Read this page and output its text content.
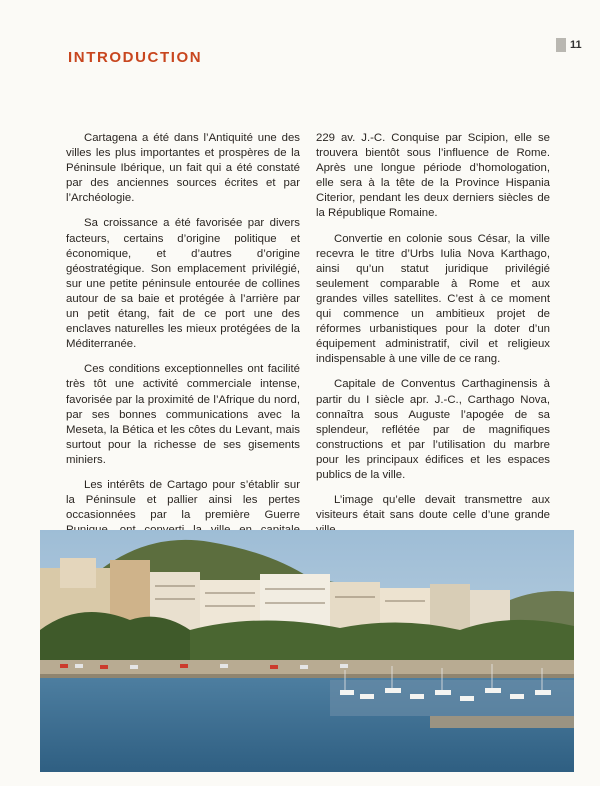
INTRODUCTION
11

Cartagena a été dans l’Antiquité une des villes les plus importantes et prospères de la Péninsule Ibérique, un fait qui a été constaté par des anciennes sources écrites et par l’Archéologie.

Sa croissance a été favorisée par divers facteurs, certains d’origine politique et économique, et d’autres d’origine géostratégique. Son emplacement privilégié, sur une petite péninsule entourée de collines autour de sa baie et protégée à l’arrière par un petit étang, fait de ce port une des enclaves naturelles les mieux protégées de la Méditerranée.

Ces conditions exceptionnelles ont facilité très tôt une activité commerciale intense, favorisée par la proximité de l’Afrique du nord, par ses bonnes communications avec la Meseta, la Bética et les côtes du Levant, mais surtout pour la richesse de ses gisements miniers.

Les intérêts de Cartago pour s’établir sur la Péninsule et pallier ainsi les pertes occasionnées par la première Guerre

229 av. J.-C. Conquise par Scipion, elle se trouvera bientôt sous l’influence de Rome. Après une longue période d’homologation, elle sera à la tête de la Province Hispania Citerior, pendant les deux derniers siècles de la République Romaine.

Convertie en colonie sous César, la ville recevra le titre d’Urbs Iulia Nova Karthago, ainsi qu’un statut juridique privilégié seulement comparable à Rome et aux grandes villes satellites. C’est à ce moment qui commence un ambitieux projet de réformes urbanistiques pour la doter d’un équipement administratif, civil et religieux indispensable à une ville de ce rang.

Capitale de Conventus Carthaginensis à partir du I siècle apr. J.-C., Carthago Nova, connaîtra sous Auguste l’apogée de sa splendeur, reflétée par de magnifiques constructions et par l’utilisation du marbre pour les principaux édifices et les espaces publics de la ville.

L’image qu’elle devait transmettre aux visiteurs était sans doute celle d’une grande
